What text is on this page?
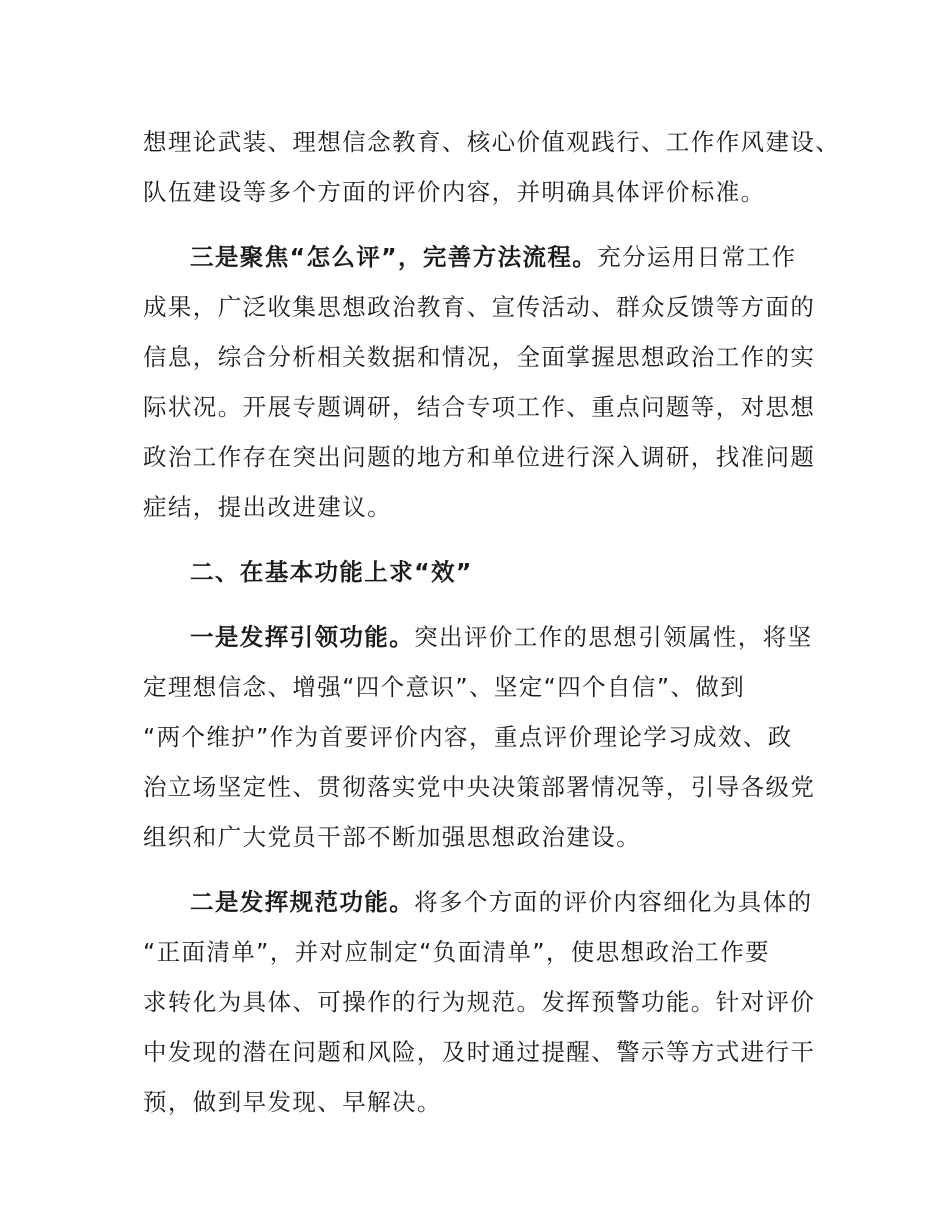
想理论武装、理想信念教育、核心价值观践行、工作作风建设、
队伍建设等多个方面的评价内容，并明确具体评价标准。
三是聚焦“怎么评”，完善方法流程。充分运用日常工作
成果，广泛收集思想政治教育、宣传活动、群众反馈等方面的
信息，综合分析相关数据和情况，全面掌握思想政治工作的实
际状况。开展专题调研，结合专项工作、重点问题等，对思想
政治工作存在突出问题的地方和单位进行深入调研，找准问题
症结，提出改进建议。
二、在基本功能上求“效”
一是发挥引领功能。突出评价工作的思想引领属性，将坚
定理想信念、增强“四个意识”、坚定“四个自信”、做到
“两个维护”作为首要评价内容，重点评价理论学习成效、政
治立场坚定性、贯彻落实党中央决策部署情况等，引导各级党
组织和广大党员干部不断加强思想政治建设。
二是发挥规范功能。将多个方面的评价内容细化为具体的
“正面清单”，并对应制定“负面清单”，使思想政治工作要
求转化为具体、可操作的行为规范。发挥预警功能。针对评价
中发现的潜在问题和风险，及时通过提醒、警示等方式进行干
预，做到早发现、早解决。
